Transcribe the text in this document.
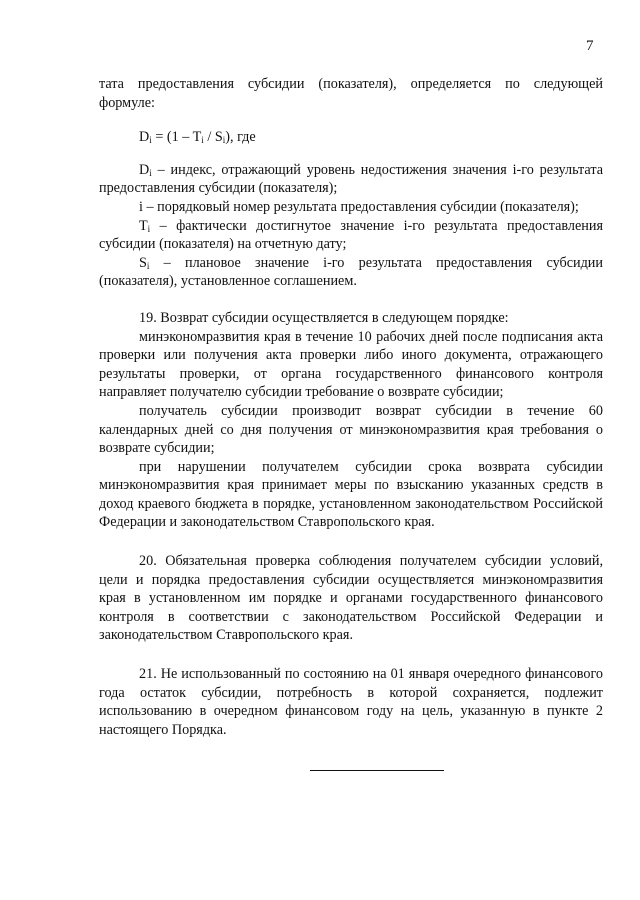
7

тата предоставления субсидии (показателя), определяется по следующей

формуле:

$D_i = (1 - T_i / S_i)$, где

$D_i$ – индекс, отражающий уровень недостижения значения i-го результата предоставления субсидии (показателя);

i – порядковый номер результата предоставления субсидии (показателя);

$T_i$ – фактически достигнутое значение i-го результата предоставления субсидии (показателя) на отчетную дату;

$S_i$ – плановое значение i-го результата предоставления субсидии (показателя), установленное соглашением.

19. Возврат субсидии осуществляется в следующем порядке:

минэкономразвития края в течение 10 рабочих дней после подписания акта проверки или получения акта проверки либо иного документа, отражающего результаты проверки, от органа государственного финансового контроля направляет получателю субсидии требование о возврате субсидии;

получатель субсидии производит возврат субсидии в течение 60 календарных дней со дня получения от минэкономразвития края требования о возврате субсидии;

при нарушении получателем субсидии срока возврата субсидии минэкономразвития края принимает меры по взысканию указанных средств в доход краевого бюджета в порядке, установленном законодательством Российской Федерации и законодательством Ставропольского края.

20. Обязательная проверка соблюдения получателем субсидии условий, цели и порядка предоставления субсидии осуществляется минэкономразвития края в установленном им порядке и органами государственного финансового контроля в соответствии с законодательством Российской Федерации и законодательством Ставропольского края.

21. Не использованный по состоянию на 01 января очередного финансового года остаток субсидии, потребность в которой сохраняется, подлежит использованию в очередном финансовом году на цель, указанную в пункте 2 настоящего Порядка.
